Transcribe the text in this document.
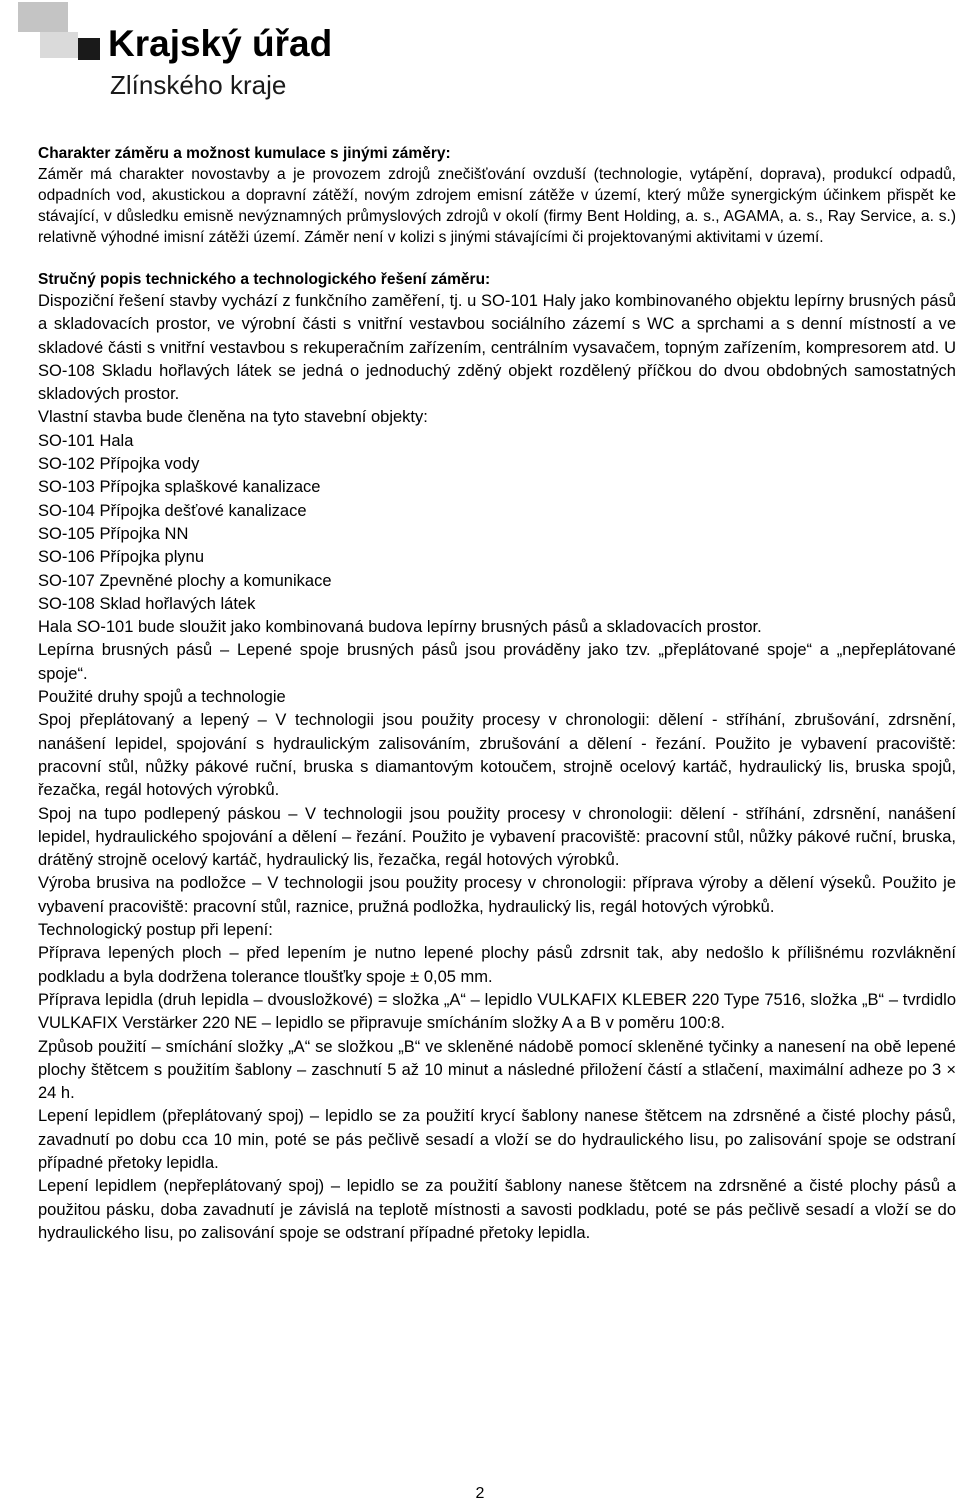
Krajský úřad
Zlínského kraje

Charakter záměru a možnost kumulace s jinými záměry:

Záměr má charakter novostavby a je provozem zdrojů znečišťování ovzduší (technologie, vytápění, doprava), produkcí odpadů, odpadních vod, akustickou a dopravní zátěží, novým zdrojem emisní zátěže v území, který může synergickým účinkem přispět ke stávající, v důsledku emisně nevýznamných průmyslových zdrojů v okolí (firmy Bent Holding, a. s., AGAMA, a. s., Ray Service, a. s.) relativně výhodné imisní zátěži území. Záměr není v kolizi s jinými stávajícími či projektovanými aktivitami v území.

Stručný popis technického a technologického řešení záměru:

Dispoziční řešení stavby vychází z funkčního zaměření, tj. u SO-101 Haly jako kombinovaného objektu lepírny brusných pásů a skladovacích prostor, ve výrobní části s vnitřní vestavbou sociálního zázemí s WC a sprchami a s denní místností a ve skladové části s vnitřní vestavbou s rekuperačním zařízením, centrálním vysavačem, topným zařízením, kompresorem atd. U SO-108 Skladu hořlavých látek se jedná o jednoduchý zděný objekt rozdělený příčkou do dvou obdobných samostatných skladových prostor.

Vlastní stavba bude členěna na tyto stavební objekty:

SO-101 Hala

SO-102 Přípojka vody

SO-103 Přípojka splaškové kanalizace

SO-104 Přípojka dešťové kanalizace

SO-105 Přípojka NN

SO-106 Přípojka plynu

SO-107 Zpevněné plochy a komunikace

SO-108 Sklad hořlavých látek

Hala SO-101 bude sloužit jako kombinovaná budova lepírny brusných pásů a skladovacích prostor.

Lepírna brusných pásů – Lepené spoje brusných pásů jsou prováděny jako tzv. „přeplátované spoje“ a „nepřeplátované spoje“.

Použité druhy spojů a technologie

Spoj přeplátovaný a lepený – V technologii jsou použity procesy v chronologii: dělení - stříhání, zbrušování, zdrsnění, nanášení lepidel, spojování s hydraulickým zalisováním, zbrušování a dělení - řezání. Použito je vybavení pracoviště: pracovní stůl, nůžky pákové ruční, bruska s diamantovým kotoučem, strojně ocelový kartáč, hydraulický lis, bruska spojů, řezačka, regál hotových výrobků.

Spoj na tupo podlepený páskou – V technologii jsou použity procesy v chronologii: dělení - stříhání, zdrsnění, nanášení lepidel, hydraulického spojování a dělení – řezání. Použito je vybavení pracoviště: pracovní stůl, nůžky pákové ruční, bruska, drátěný strojně ocelový kartáč, hydraulický lis, řezačka, regál hotových výrobků.

Výroba brusiva na podložce – V technologii jsou použity procesy v chronologii: příprava výroby a dělení výseků. Použito je vybavení pracoviště: pracovní stůl, raznice, pružná podložka, hydraulický lis, regál hotových výrobků.

Technologický postup při lepení:

Příprava lepených ploch – před lepením je nutno lepené plochy pásů zdrsnit tak, aby nedošlo k přílišnému rozvláknění podkladu a byla dodržena tolerance tloušťky spoje ± 0,05 mm.

Příprava lepidla (druh lepidla – dvousložkové) = složka „A“ – lepidlo VULKAFIX KLEBER 220 Type 7516, složka „B“ – tvrdidlo VULKAFIX Verstärker 220 NE – lepidlo se připravuje smícháním složky A a B v poměru 100:8.

Způsob použití – smíchání složky „A“ se složkou „B“ ve skleněné nádobě pomocí skleněné tyčinky a nanesení na obě lepené plochy štětcem s použitím šablony – zaschnutí 5 až 10 minut a následné přiložení částí a stlačení, maximální adheze po 3 × 24 h.

Lepení lepidlem (přeplátovaný spoj) – lepidlo se za použití krycí šablony nanese štětcem na zdrsněné a čisté plochy pásů, zavadnutí po dobu cca 10 min, poté se pás pečlivě sesadí a vloží se do hydraulického lisu, po zalisování spoje se odstraní případné přetoky lepidla.

Lepení lepidlem (nepřeplátovaný spoj) – lepidlo se za použití šablony nanese štětcem na zdrsněné a čisté plochy pásů a použitou pásku, doba zavadnutí je závislá na teplotě místnosti a savosti podkladu, poté se pás pečlivě sesadí a vloží se do hydraulického lisu, po zalisování spoje se odstraní případné přetoky lepidla.

2
